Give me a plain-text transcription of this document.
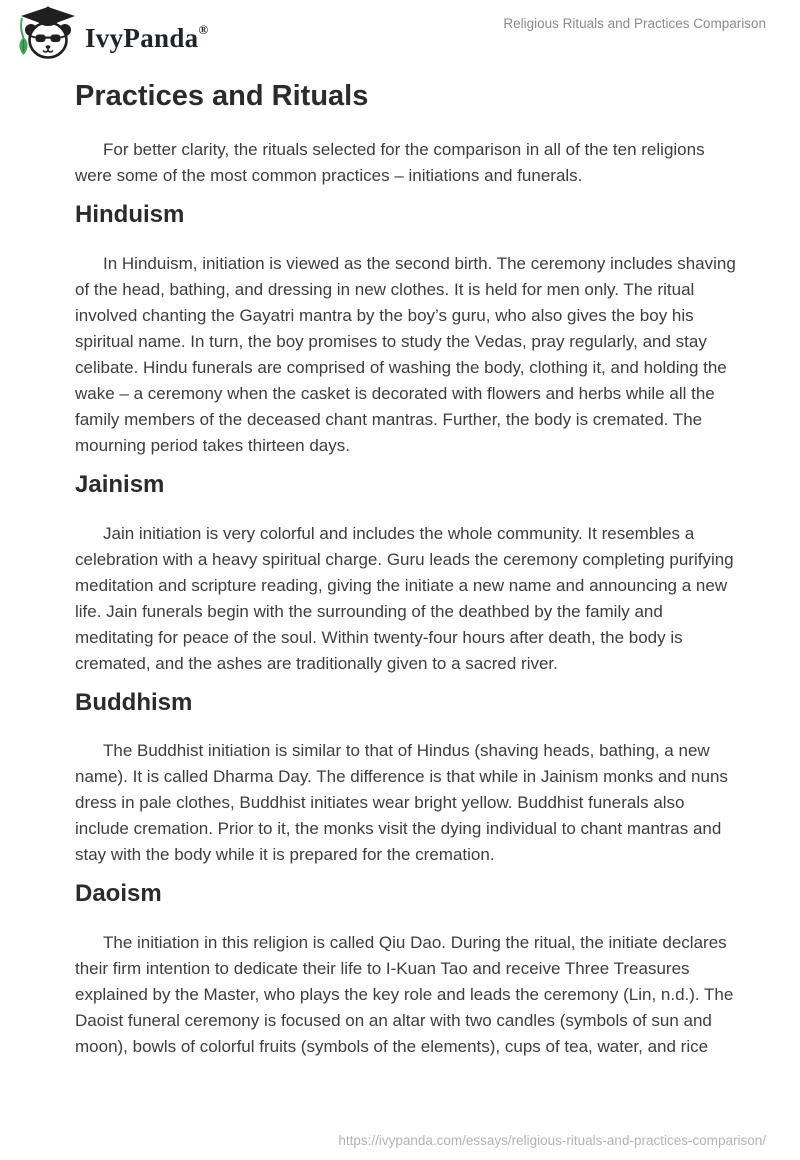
IvyPanda®	Religious Rituals and Practices Comparison
Practices and Rituals

For better clarity, the rituals selected for the comparison in all of the ten religions were some of the most common practices – initiations and funerals.

Hinduism

In Hinduism, initiation is viewed as the second birth. The ceremony includes shaving of the head, bathing, and dressing in new clothes. It is held for men only. The ritual involved chanting the Gayatri mantra by the boy’s guru, who also gives the boy his spiritual name. In turn, the boy promises to study the Vedas, pray regularly, and stay celibate. Hindu funerals are comprised of washing the body, clothing it, and holding the wake – a ceremony when the casket is decorated with flowers and herbs while all the family members of the deceased chant mantras. Further, the body is cremated. The mourning period takes thirteen days.

Jainism

Jain initiation is very colorful and includes the whole community. It resembles a celebration with a heavy spiritual charge. Guru leads the ceremony completing purifying meditation and scripture reading, giving the initiate a new name and announcing a new life. Jain funerals begin with the surrounding of the deathbed by the family and meditating for peace of the soul. Within twenty-four hours after death, the body is cremated, and the ashes are traditionally given to a sacred river.

Buddhism

The Buddhist initiation is similar to that of Hindus (shaving heads, bathing, a new name). It is called Dharma Day. The difference is that while in Jainism monks and nuns dress in pale clothes, Buddhist initiates wear bright yellow. Buddhist funerals also include cremation. Prior to it, the monks visit the dying individual to chant mantras and stay with the body while it is prepared for the cremation.

Daoism

The initiation in this religion is called Qiu Dao. During the ritual, the initiate declares their firm intention to dedicate their life to I-Kuan Tao and receive Three Treasures explained by the Master, who plays the key role and leads the ceremony (Lin, n.d.). The Daoist funeral ceremony is focused on an altar with two candles (symbols of sun and moon), bowls of colorful fruits (symbols of the elements), cups of tea, water, and rice

https://ivypanda.com/essays/religious-rituals-and-practices-comparison/
